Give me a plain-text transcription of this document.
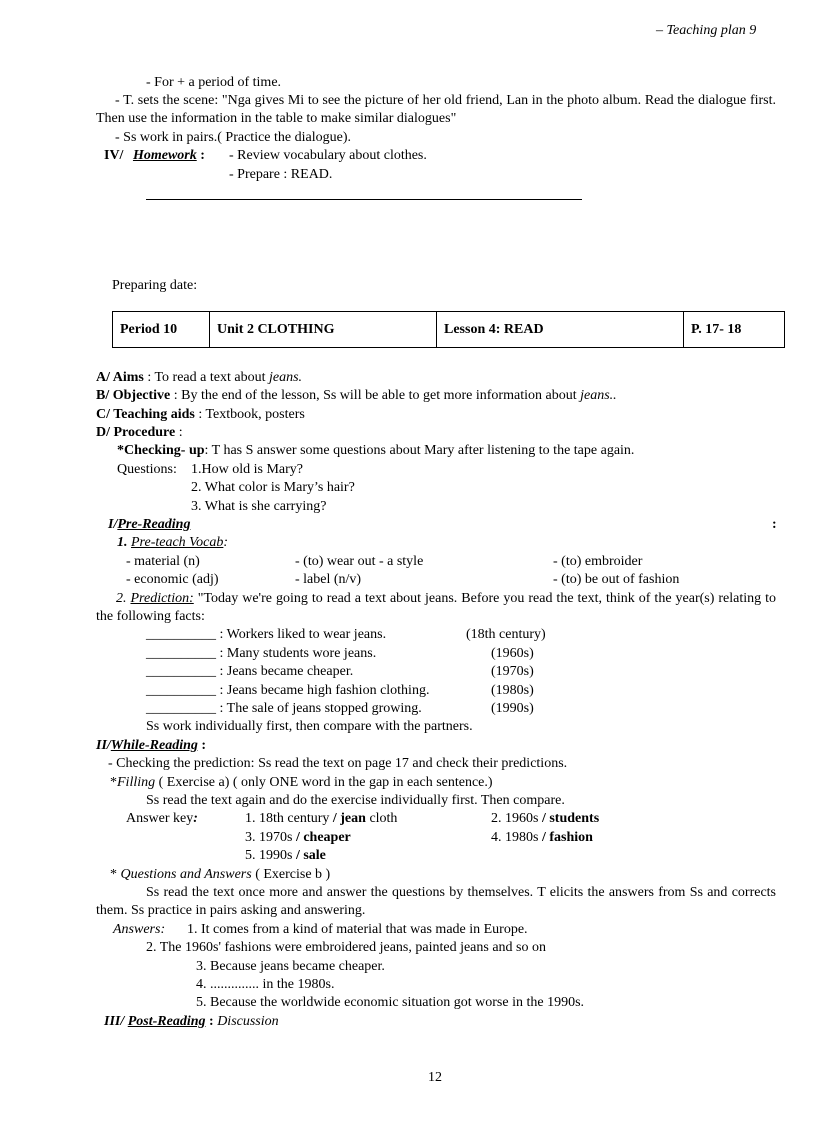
– Teaching plan 9
- For + a period of time.
- T. sets the scene: "Nga gives Mi to see the picture of her old friend, Lan in the photo album. Read the dialogue first. Then use the information in the table to make similar dialogues"
- Ss work in pairs.( Practice the dialogue).
IV/ Homework : - Review vocabulary about clothes.
- Prepare : READ.
Preparing date:
Period 10	Unit 2 CLOTHING	Lesson 4: READ	P. 17- 18
A/ Aims : To read a text about jeans.
B/ Objective : By the end of the lesson, Ss will be able to get more information about jeans..
C/ Teaching aids : Textbook, posters
D/ Procedure :
*Checking- up: T has S answer some questions about Mary after listening to the tape again.
Questions: 1.How old is Mary?
2. What color is Mary’s hair?
3. What is she carrying?
I/Pre-Reading	:
1. Pre-teach Vocab:
- material (n)	- (to) wear out - a style	- (to) embroider
- economic (adj)	- label (n/v)	- (to) be out of fashion
2. Prediction: "Today we're going to read a text about jeans. Before you read the text, think of the year(s) relating to the following facts:
__________ : Workers liked to wear jeans.	(18th century)
__________ : Many students wore jeans.	(1960s)
__________ : Jeans became cheaper.	(1970s)
__________ : Jeans became high fashion clothing.	(1980s)
__________ : The sale of jeans stopped growing.	(1990s)
Ss work individually first, then compare with the partners.
II/While-Reading :
- Checking the prediction: Ss read the text on page 17 and check their predictions.
*Filling ( Exercise a) ( only ONE word in the gap in each sentence.)
Ss read the text again and do the exercise individually first. Then compare.
Answer key:	1. 18th century / jean cloth	2. 1960s / students
3. 1970s / cheaper	4. 1980s / fashion
5. 1990s / sale
* Questions and Answers ( Exercise b )
Ss read the text once more and answer the questions by themselves. T elicits the answers from Ss and corrects them. Ss practice in pairs asking and answering.
Answers: 1. It comes from a kind of material that was made in Europe.
2. The 1960s' fashions were embroidered jeans, painted jeans and so on
3. Because jeans became cheaper.
4. .............. in the 1980s.
5. Because the worldwide economic situation got worse in the 1990s.
III/ Post-Reading : Discussion
12
